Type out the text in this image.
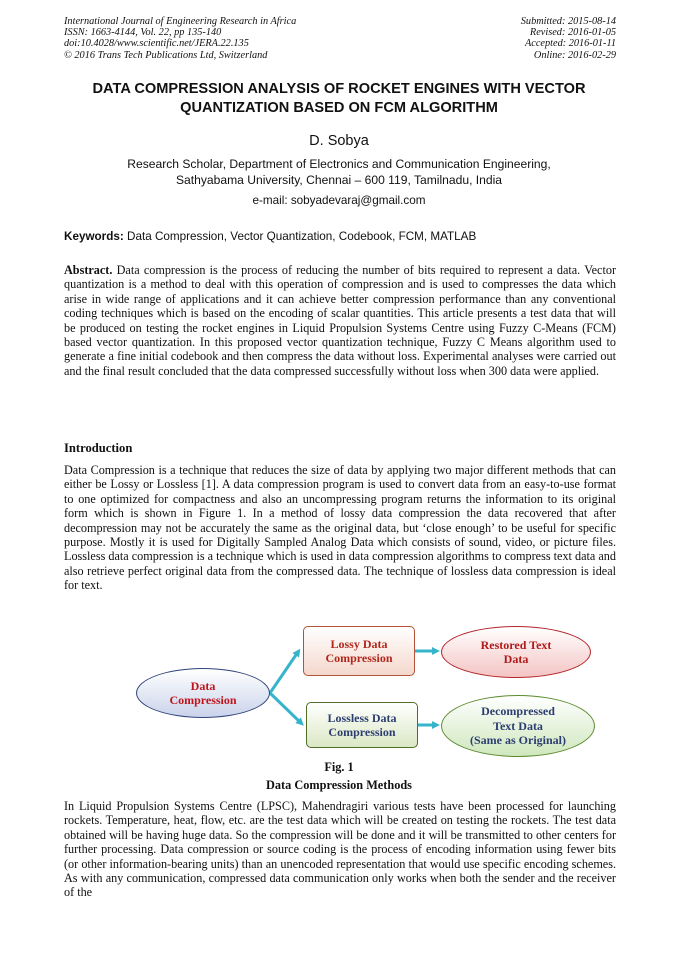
International Journal of Engineering Research in Africa	Submitted: 2015-08-14
ISSN: 1663-4144, Vol. 22, pp 135-140	Revised: 2016-01-05
doi:10.4028/www.scientific.net/JERA.22.135	Accepted: 2016-01-11
© 2016 Trans Tech Publications Ltd, Switzerland	Online: 2016-02-29
DATA COMPRESSION ANALYSIS OF ROCKET ENGINES WITH VECTOR
QUANTIZATION BASED ON FCM ALGORITHM
D. Sobya
Research Scholar, Department of Electronics and Communication Engineering,
Sathyabama University, Chennai – 600 119, Tamilnadu, India
e-mail: sobyadevaraj@gmail.com
Keywords: Data Compression, Vector Quantization, Codebook, FCM, MATLAB
Abstract. Data compression is the process of reducing the number of bits required to represent a data. Vector quantization is a method to deal with this operation of compression and is used to compresses the data which arise in wide range of applications and it can achieve better compression performance than any conventional coding techniques which is based on the encoding of scalar quantities. This article presents a test data that will be produced on testing the rocket engines in Liquid Propulsion Systems Centre using Fuzzy C-Means (FCM) based vector quantization. In this proposed vector quantization technique, Fuzzy C Means algorithm used to generate a fine initial codebook and then compress the data without loss. Experimental analyses were carried out and the final result concluded that the data compressed successfully without loss when 300 data were applied.
Introduction
Data Compression is a technique that reduces the size of data by applying two major different methods that can either be Lossy or Lossless [1]. A data compression program is used to convert data from an easy-to-use format to one optimized for compactness and also an uncompressing program returns the information to its original form which is shown in Figure 1. In a method of lossy data compression the data recovered that after decompression may not be accurately the same as the original data, but ‘close enough’ to be useful for specific purpose. Mostly it is used for Digitally Sampled Analog Data which consists of sound, video, or picture files. Lossless data compression is a technique which is used in data compression algorithms to compress text data and also retrieve perfect original data from the compressed data. The technique of lossless data compression is ideal for text.
Data
Compression
Lossy Data
Compression
Lossless Data
Compression
Restored Text
Data
Decompressed
Text Data
(Same as Original)
Fig. 1
Data Compression Methods
In Liquid Propulsion Systems Centre (LPSC), Mahendragiri various tests have been processed for launching rockets. Temperature, heat, flow, etc. are the test data which will be created on testing the rockets. The test data obtained will be having huge data. So the compression will be done and it will be transmitted to other centers for further processing. Data compression or source coding is the process of encoding information using fewer bits (or other information-bearing units) than an unencoded representation that would use specific encoding schemes. As with any communication, compressed data communication only works when both the sender and the receiver of the
